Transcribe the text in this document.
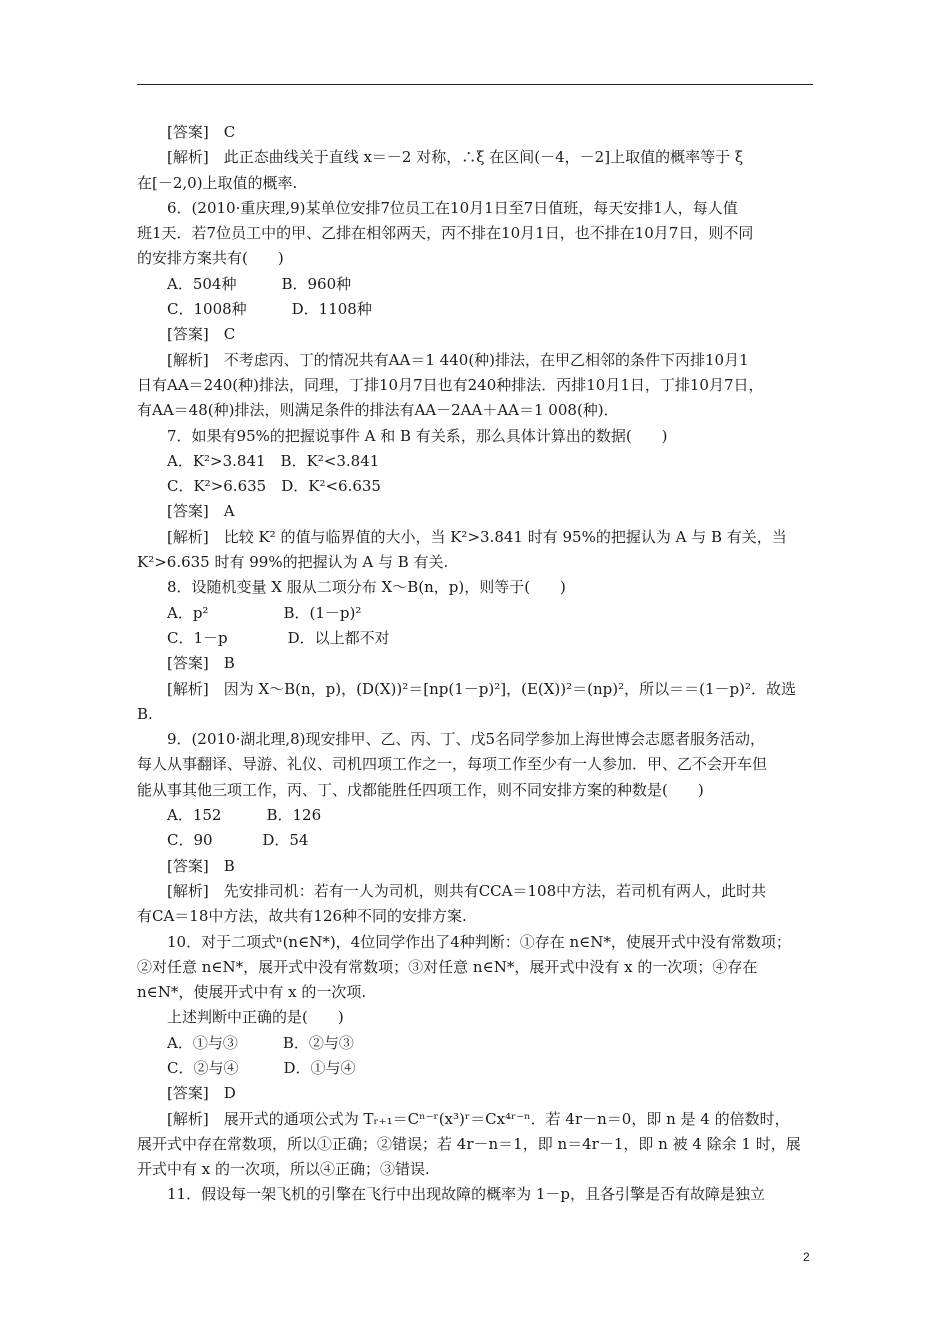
[答案]　C
[解析]　此正态曲线关于直线 x＝－2 对称，∴ξ 在区间(－4，－2]上取值的概率等于 ξ
在[－2,0)上取值的概率.
6．(2010·重庆理,9)某单位安排7位员工在10月1日至7日值班，每天安排1人，每人值
班1天．若7位员工中的甲、乙排在相邻两天，丙不排在10月1日，也不排在10月7日，则不同
的安排方案共有(　　)
A．504种　　　B．960种
C．1008种　　　D．1108种
[答案]　C
[解析]　不考虑丙、丁的情况共有AA＝1 440(种)排法，在甲乙相邻的条件下丙排10月1
日有AA＝240(种)排法，同理，丁排10月7日也有240种排法．丙排10月1日，丁排10月7日，
有AA＝48(种)排法，则满足条件的排法有AA－2AA＋AA＝1 008(种)．
7．如果有95%的把握说事件 A 和 B 有关系，那么具体计算出的数据(　　)
A．K²>3.841　B．K²<3.841
C．K²>6.635　D．K²<6.635
[答案]　A
[解析]　比较 K² 的值与临界值的大小，当 K²>3.841 时有 95%的把握认为 A 与 B 有关，当
K²>6.635 时有 99%的把握认为 A 与 B 有关.
8．设随机变量 X 服从二项分布 X～B(n，p)，则等于(　　)
A．p²　　　　　B．(1－p)²
C．1－p　　　　D．以上都不对
[答案]　B
[解析]　因为 X～B(n，p)，(D(X))²＝[np(1－p)²]，(E(X))²＝(np)²，所以＝＝(1－p)²．故选
B.
9．(2010·湖北理,8)现安排甲、乙、丙、丁、戊5名同学参加上海世博会志愿者服务活动，
每人从事翻译、导游、礼仪、司机四项工作之一，每项工作至少有一人参加．甲、乙不会开车但
能从事其他三项工作，丙、丁、戊都能胜任四项工作，则不同安排方案的种数是(　　)
A．152　　　B．126
C．90　　　 D．54
[答案]　B
[解析]　先安排司机：若有一人为司机，则共有CCA＝108中方法，若司机有两人，此时共
有CA＝18中方法，故共有126种不同的安排方案.
10．对于二项式ⁿ(n∈N*)，4位同学作出了4种判断：①存在 n∈N*，使展开式中没有常数项；
②对任意 n∈N*，展开式中没有常数项；③对任意 n∈N*，展开式中没有 x 的一次项；④存在
n∈N*，使展开式中有 x 的一次项.
上述判断中正确的是(　　)
A．①与③　　　B．②与③
C．②与④　　　D．①与④
[答案]　D
[解析]　展开式的通项公式为 Tᵣ₊₁＝Cⁿ⁻ʳ(x³)ʳ＝Cx⁴ʳ⁻ⁿ．若 4r－n＝0，即 n 是 4 的倍数时，
展开式中存在常数项，所以①正确；②错误；若 4r－n＝1，即 n＝4r－1，即 n 被 4 除余 1 时，展
开式中有 x 的一次项，所以④正确；③错误.
11．假设每一架飞机的引擎在飞行中出现故障的概率为 1－p，且各引擎是否有故障是独立
2
